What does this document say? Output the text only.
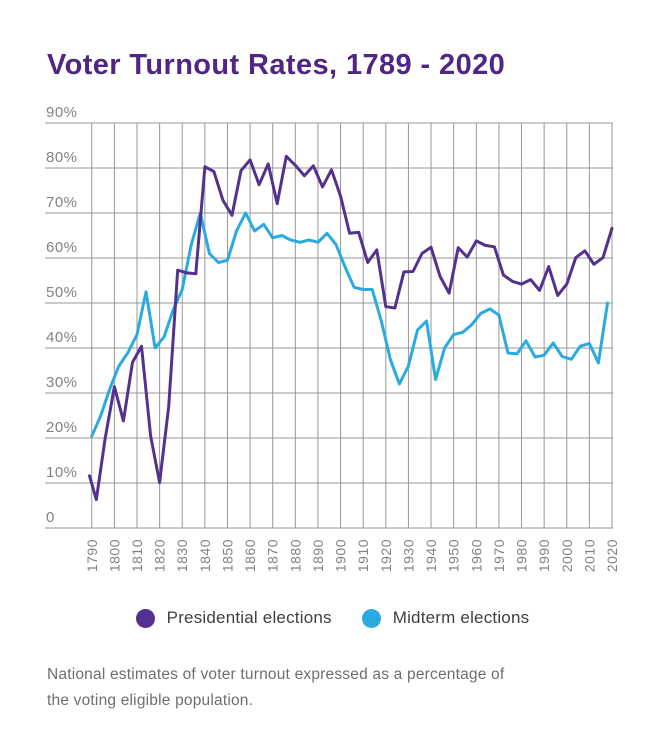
Voter Turnout Rates, 1789 - 2020
1790 1800 1810 1820 1830 1840 1850 1860 1870 1880 1890 1900 1910 1920 1930 1940 1950 1960 1970 1980 1990 2000 2010 2020
0
10%
20%
30%
40%
50%
60%
70%
80%
90%
Presidential elections	Midterm elections
National estimates of voter turnout expressed as a percentage of
the voting eligible population.
